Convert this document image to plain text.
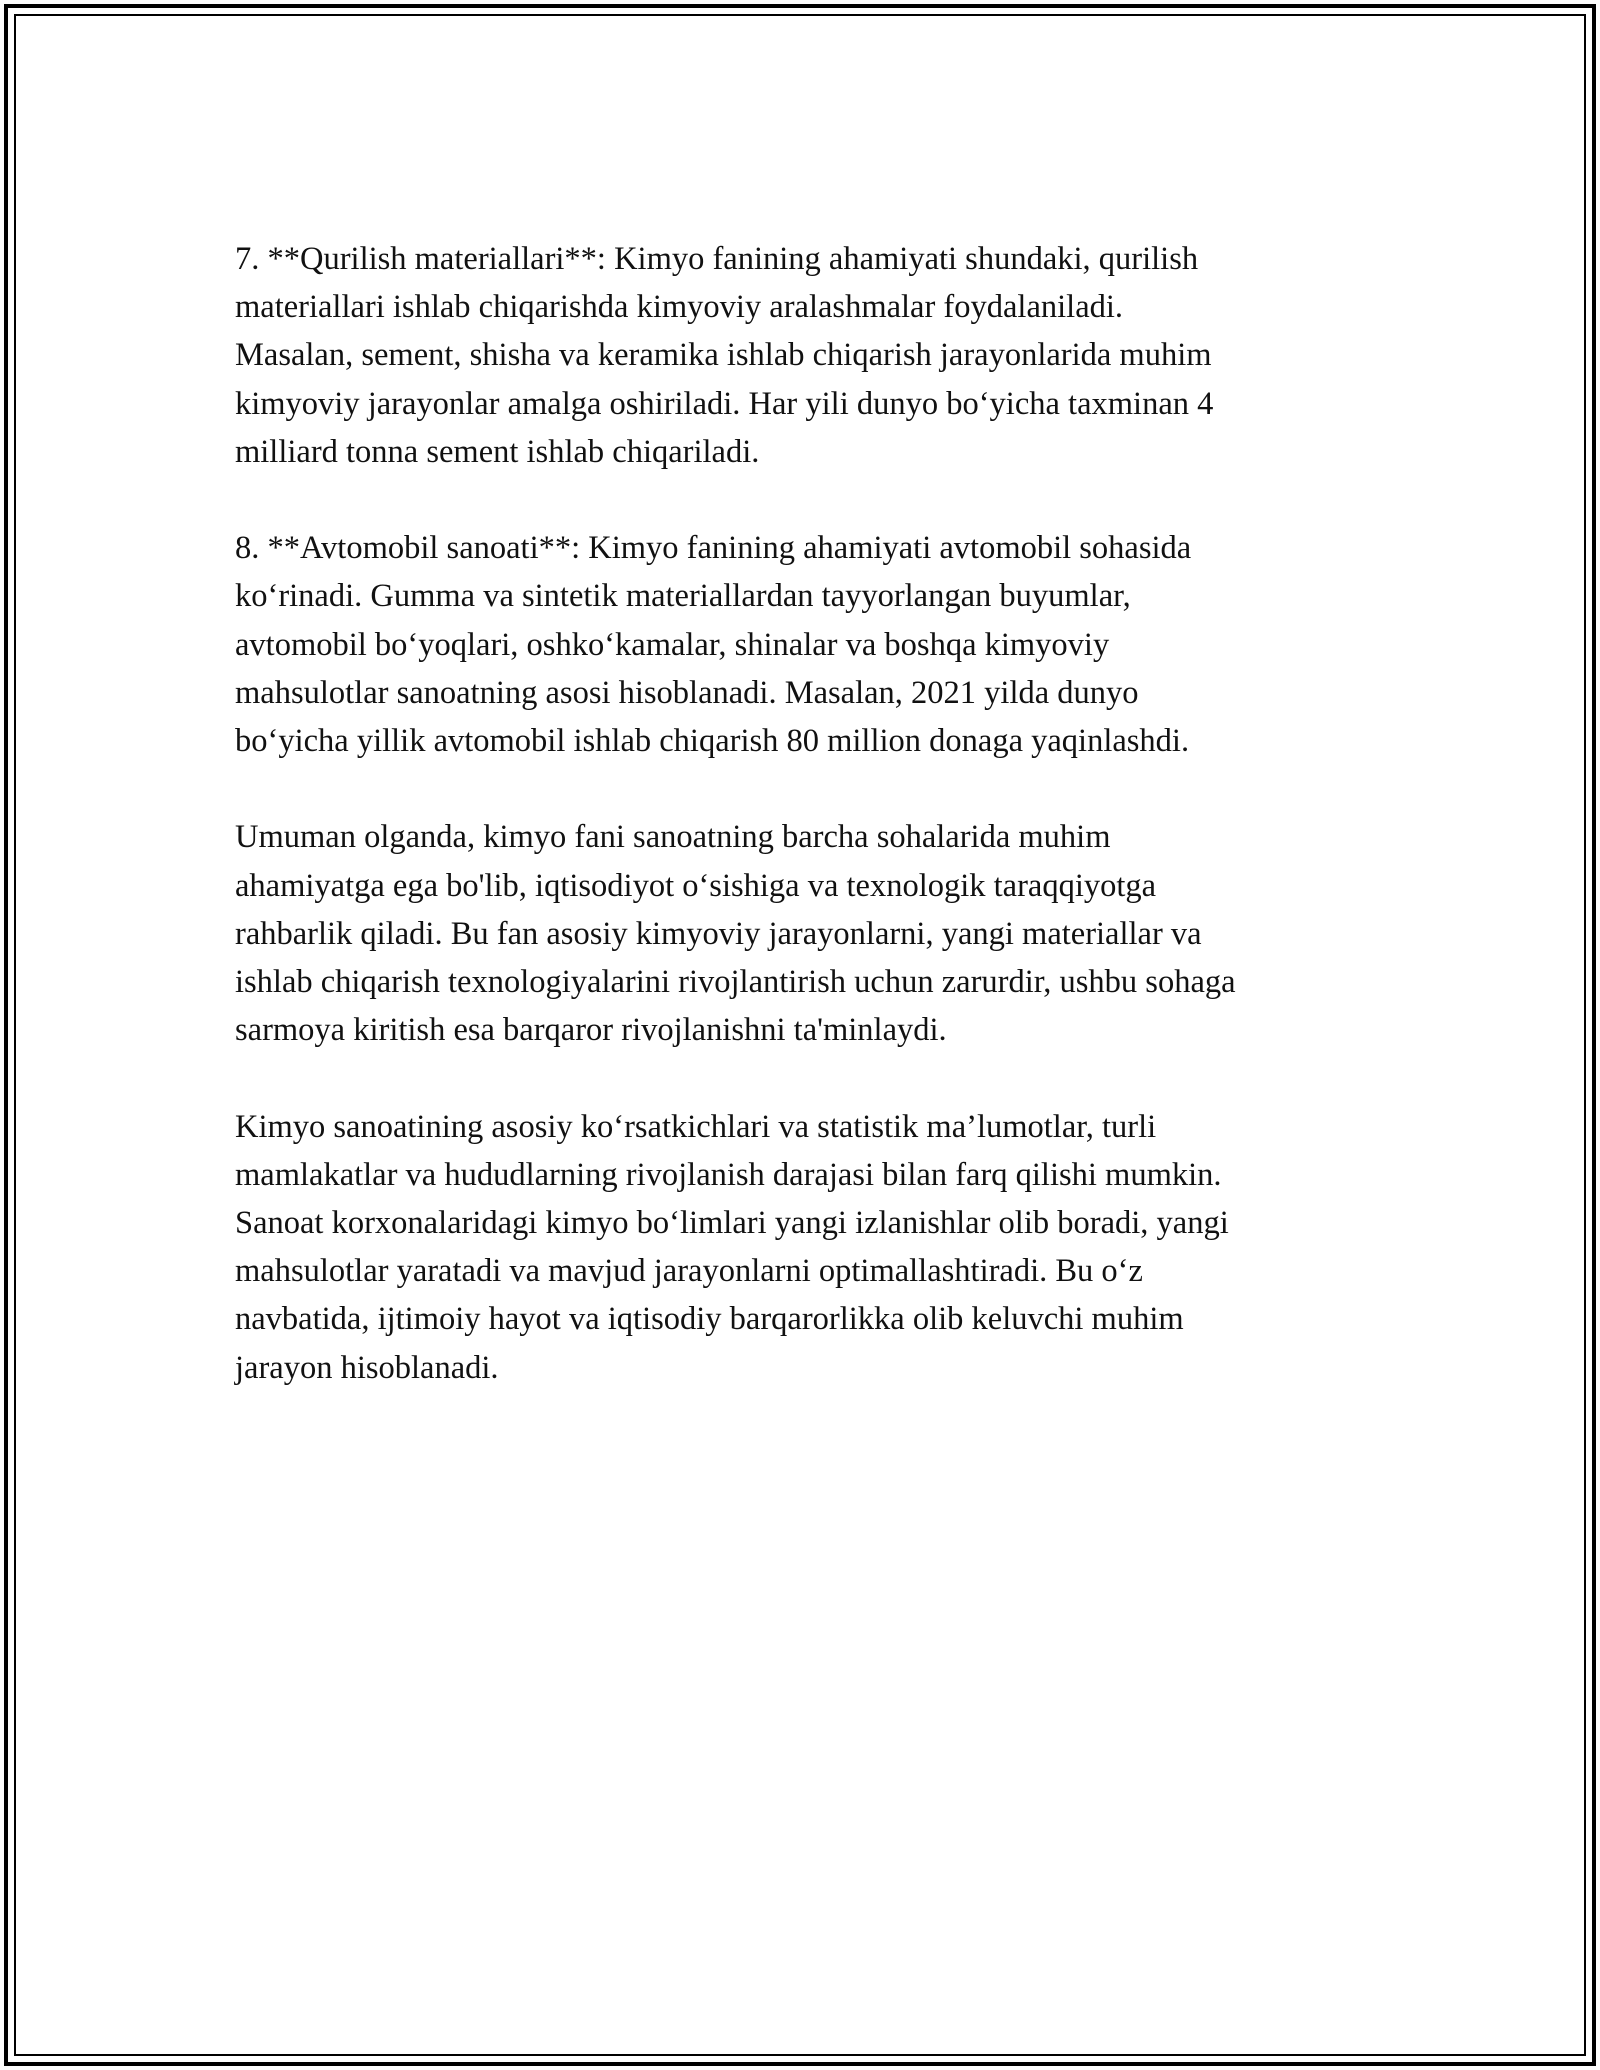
7. **Qurilish materiallari**: Kimyo fanining ahamiyati shundaki, qurilish
materiallari ishlab chiqarishda kimyoviy aralashmalar foydalaniladi.
Masalan, sement, shisha va keramika ishlab chiqarish jarayonlarida muhim
kimyoviy jarayonlar amalga oshiriladi. Har yili dunyo bo‘yicha taxminan 4
milliard tonna sement ishlab chiqariladi.

8. **Avtomobil sanoati**: Kimyo fanining ahamiyati avtomobil sohasida
ko‘rinadi. Gumma va sintetik materiallardan tayyorlangan buyumlar,
avtomobil bo‘yoqlari, oshko‘kamalar, shinalar va boshqa kimyoviy
mahsulotlar sanoatning asosi hisoblanadi. Masalan, 2021 yilda dunyo
bo‘yicha yillik avtomobil ishlab chiqarish 80 million donaga yaqinlashdi.

Umuman olganda, kimyo fani sanoatning barcha sohalarida muhim
ahamiyatga ega bo'lib, iqtisodiyot o‘sishiga va texnologik taraqqiyotga
rahbarlik qiladi. Bu fan asosiy kimyoviy jarayonlarni, yangi materiallar va
ishlab chiqarish texnologiyalarini rivojlantirish uchun zarurdir, ushbu sohaga
sarmoya kiritish esa barqaror rivojlanishni ta'minlaydi.

Kimyo sanoatining asosiy ko‘rsatkichlari va statistik ma’lumotlar, turli
mamlakatlar va hududlarning rivojlanish darajasi bilan farq qilishi mumkin.
Sanoat korxonalaridagi kimyo bo‘limlari yangi izlanishlar olib boradi, yangi
mahsulotlar yaratadi va mavjud jarayonlarni optimallashtiradi. Bu o‘z
navbatida, ijtimoiy hayot va iqtisodiy barqarorlikka olib keluvchi muhim
jarayon hisoblanadi.
